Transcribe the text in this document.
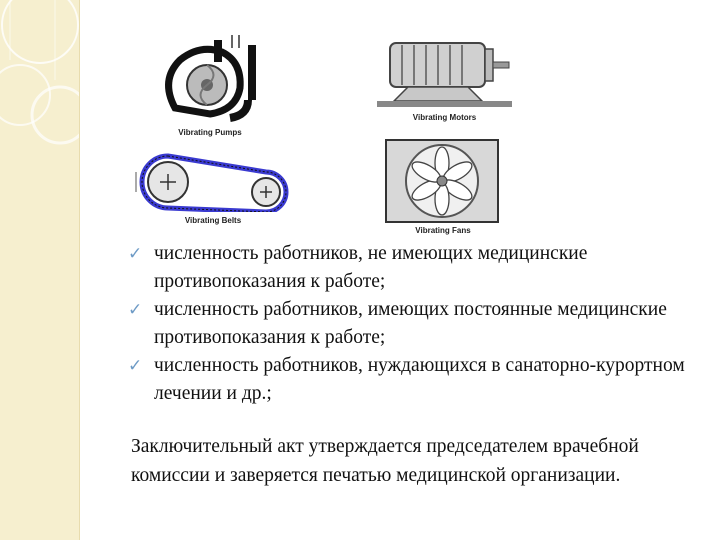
Vibrating Pumps
Vibrating Motors
Vibrating Belts
Vibrating Fans
✓ численность работников, не имеющих медицинские противопоказания к работе;
✓ численность работников, имеющих постоянные медицинские противопоказания к работе;
✓ численность работников, нуждающихся в санаторно-курортном лечении и др.;
Заключительный акт утверждается председателем врачебной комиссии и заверяется печатью медицинской организации.
